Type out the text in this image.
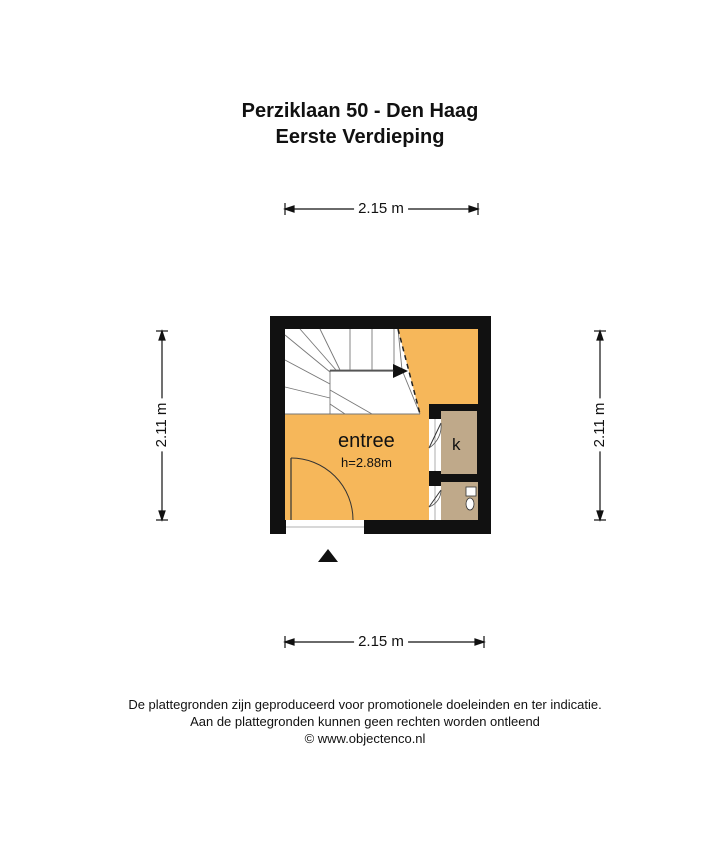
Perziklaan 50 - Den Haag
Eerste Verdieping
2.15 m
2.15 m
2.11 m	2.11 m
entree
h=2.88m
k
De plattegronden zijn geproduceerd voor promotionele doeleinden en ter indicatie.
Aan de plattegronden kunnen geen rechten worden ontleend
© www.objectenco.nl
